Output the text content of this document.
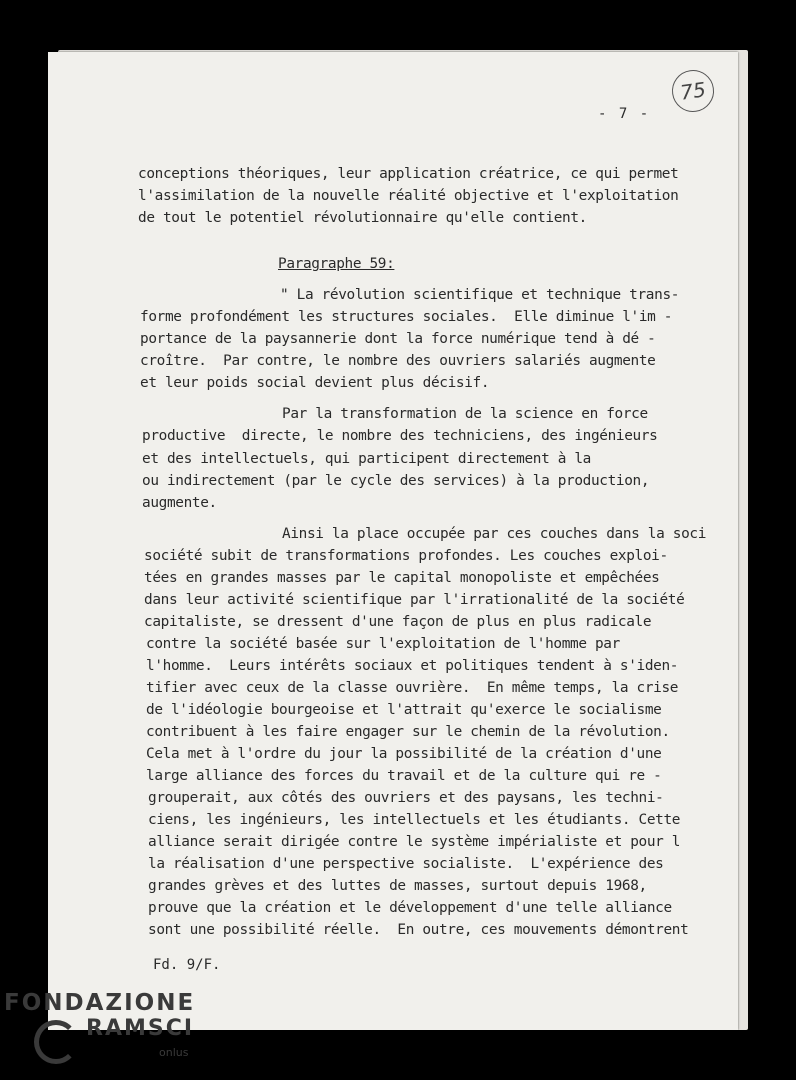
75
- 7 -
conceptions théoriques, leur application créatrice, ce qui permet
l'assimilation de la nouvelle réalité objective et l'exploitation
de tout le potentiel révolutionnaire qu'elle contient.
Paragraphe 59:
" La révolution scientifique et technique trans-
forme profondément les structures sociales.  Elle diminue l'im -
portance de la paysannerie dont la force numérique tend à dé -
croître.  Par contre, le nombre des ouvriers salariés augmente
et leur poids social devient plus décisif.
Par la transformation de la science en force
productive  directe, le nombre des techniciens, des ingénieurs
et des intellectuels, qui participent directement à la
ou indirectement (par le cycle des services) à la production,
augmente.
Ainsi la place occupée par ces couches dans la soci
société subit de transformations profondes. Les couches exploi-
tées en grandes masses par le capital monopoliste et empêchées
dans leur activité scientifique par l'irrationalité de la société
capitaliste, se dressent d'une façon de plus en plus radicale
contre la société basée sur l'exploitation de l'homme par
l'homme.  Leurs intérêts sociaux et politiques tendent à s'iden-
tifier avec ceux de la classe ouvrière.  En même temps, la crise
de l'idéologie bourgeoise et l'attrait qu'exerce le socialisme
contribuent à les faire engager sur le chemin de la révolution.
Cela met à l'ordre du jour la possibilité de la création d'une
large alliance des forces du travail et de la culture qui re -
grouperait, aux côtés des ouvriers et des paysans, les techni-
ciens, les ingénieurs, les intellectuels et les étudiants. Cette
alliance serait dirigée contre le système impérialiste et pour l
la réalisation d'une perspective socialiste.  L'expérience des
grandes grèves et des luttes de masses, surtout depuis 1968,
prouve que la création et le développement d'une telle alliance
sont une possibilité réelle.  En outre, ces mouvements démontrent
Fd. 9/F.
FONDAZIONE
RAMSCI
onlus
